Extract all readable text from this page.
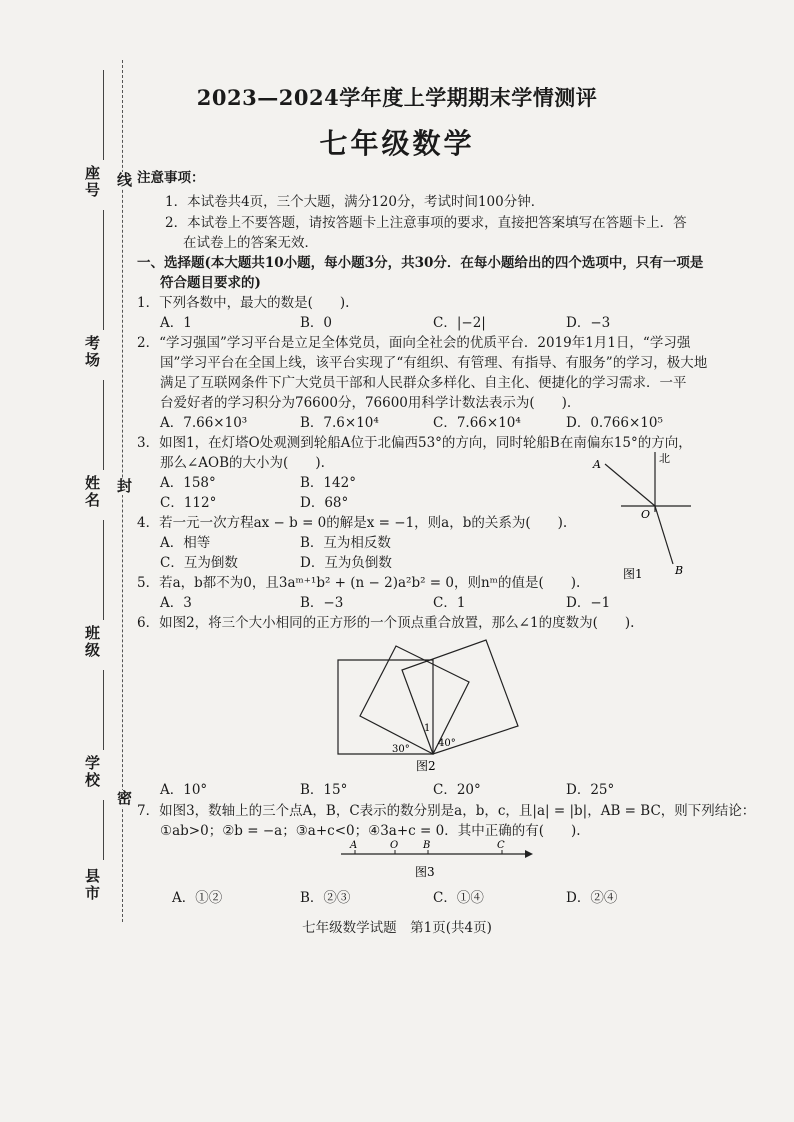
座号
考场
姓名
班级
学校
县市
线
封
密
2023—2024学年度上学期期末学情测评
七年级数学
注意事项：
1．本试卷共4页，三个大题，满分120分，考试时间100分钟．
2．本试卷上不要答题，请按答题卡上注意事项的要求，直接把答案填写在答题卡上．答
在试卷上的答案无效．
一、选择题(本大题共10小题，每小题3分，共30分．在每小题给出的四个选项中，只有一项是
符合题目要求的)
1．下列各数中，最大的数是(　　).
A．1	B．0	C．|−2|	D．−3
2．“学习强国”学习平台是立足全体党员，面向全社会的优质平台．2019年1月1日，“学习强
国”学习平台在全国上线，该平台实现了“有组织、有管理、有指导、有服务”的学习，极大地
满足了互联网条件下广大党员干部和人民群众多样化、自主化、便捷化的学习需求．一平
台爱好者的学习积分为76600分，76600用科学计数法表示为(　　).
A．7.66×10³	B．7.6×10⁴	C．7.66×10⁴	D．0.766×10⁵
3．如图1，在灯塔O处观测到轮船A位于北偏西53°的方向，同时轮船B在南偏东15°的方向，
那么∠AOB的大小为(　　).
A．158°	B．142°
C．112°	D．68°
A	北
O
B
图1
4．若一元一次方程ax − b = 0的解是x = −1，则a，b的关系为(　　).
A．相等	B．互为相反数
C．互为倒数	D．互为负倒数
5．若a，b都不为0，且3aᵐ⁺¹b² + (n − 2)a²b² = 0，则nᵐ的值是(　　).
A．3	B．−3	C．1	D．−1
6．如图2，将三个大小相同的正方形的一个顶点重合放置，那么∠1的度数为(　　).
1
30°
40°
图2
A．10°	B．15°	C．20°	D．25°
7．如图3，数轴上的三个点A，B，C表示的数分别是a，b，c，且|a| = |b|，AB = BC，则下列结论：
①ab>0；②b = −a；③a+c<0；④3a+c = 0．其中正确的有(　　).
A	O B	C
图3
A．①②	B．②③	C．①④	D．②④
七年级数学试题　第1页(共4页)
